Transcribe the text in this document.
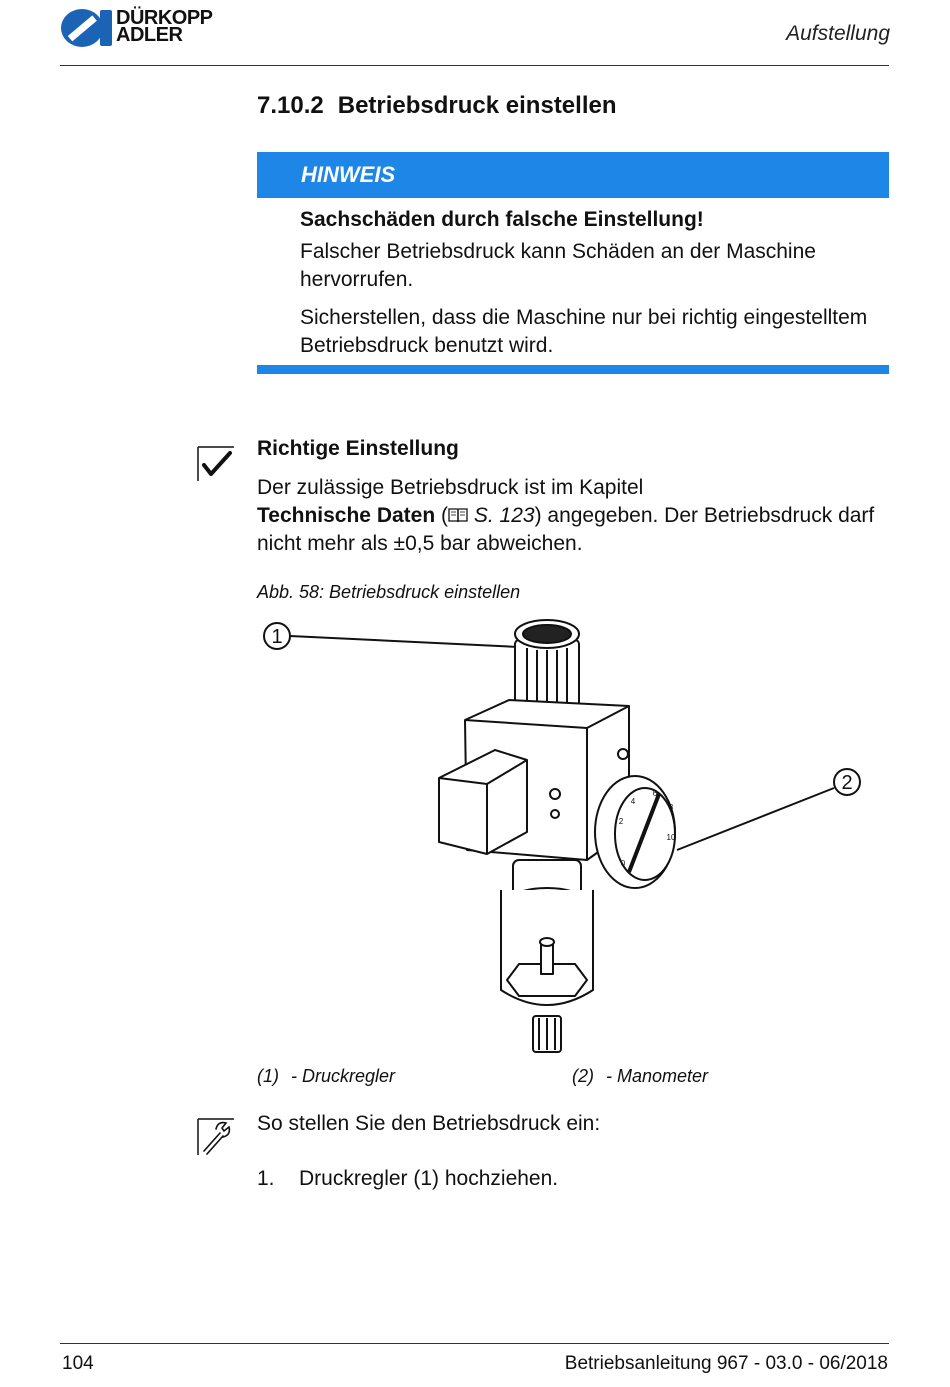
DÜRKOPP
ADLER	Aufstellung
7.10.2 Betriebsdruck einstellen
HINWEIS
Sachschäden durch falsche Einstellung!
Falscher Betriebsdruck kann Schäden an der Maschine hervorrufen.
Sicherstellen, dass die Maschine nur bei richtig eingestelltem Betriebsdruck benutzt wird.
Richtige Einstellung
Der zulässige Betriebsdruck ist im Kapitel
Technische Daten ( S. 123) angegeben. Der Betriebsdruck darf nicht mehr als ±0,5 bar abweichen.
Abb. 58: Betriebsdruck einstellen
1
2
0
2
4
6
8
10
(1) - Druckregler	(2) - Manometer
So stellen Sie den Betriebsdruck ein:
1. Druckregler (1) hochziehen.
104	Betriebsanleitung 967 - 03.0 - 06/2018
